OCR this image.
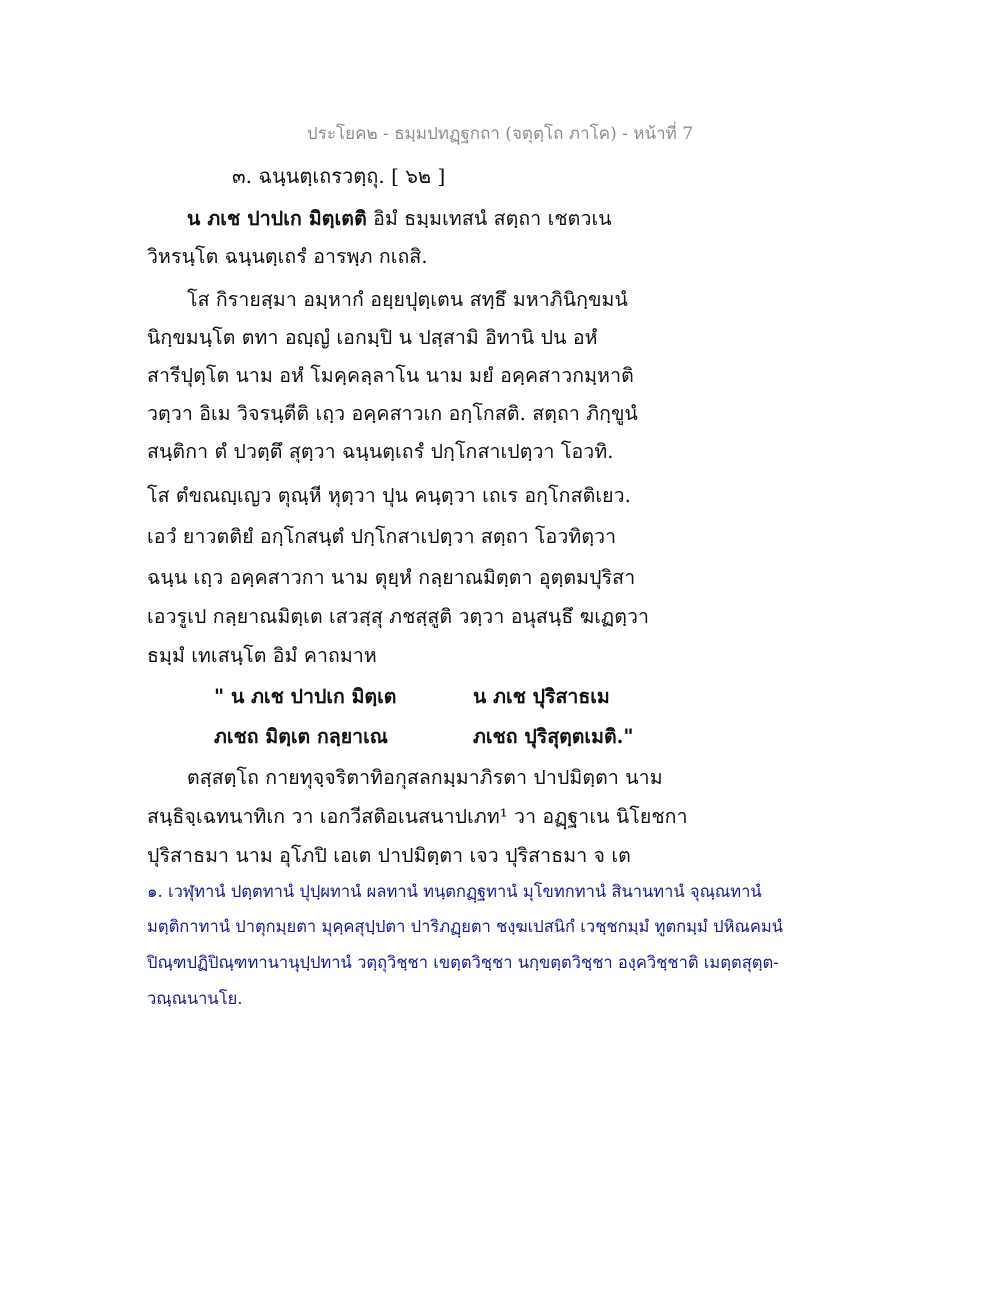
ประโยค๒ - ธมฺมปทฏฺฐกถา (จตุตฺโถ ภาโค) - หน้าที่ 7
๓. ฉนฺนตฺเถรวตฺถุ. [ ๖๒ ]
น ภเช ปาปเก มิตฺเตติ อิมํ ธมฺมเทสนํ สตฺถา เชตวเน
วิหรนฺโต ฉนฺนตฺเถรํ อารพฺภ กเถสิ.
โส กิรายสฺมา อมฺหากํ อยฺยปุตฺเตน สทฺธึ มหาภินิกฺขมนํ
นิกฺขมนฺโต ตทา อญฺญํ เอกมฺปิ น ปสฺสามิ อิทานิ ปน อหํ
สารีปุตฺโต นาม อหํ โมคฺคลฺลาโน นาม มยํ อคฺคสาวกมฺหาติ
วตฺวา อิเม วิจรนฺตีติ เถฺว อคฺคสาวเก อกฺโกสติ. สตฺถา ภิกฺขูนํ
สนฺติกา ตํ ปวตฺตึ สุตฺวา ฉนฺนตฺเถรํ ปกฺโกสาเปตฺวา โอวทิ.
โส ตํขณญฺเญว ตุณฺหี หุตฺวา ปุน คนฺตฺวา เถเร อกฺโกสติเยว.
เอวํ ยาวตติยํ อกฺโกสนฺตํ ปกฺโกสาเปตฺวา สตฺถา โอวทิตฺวา
ฉนฺน เถฺว อคฺคสาวกา นาม ตุยฺหํ กลฺยาณมิตฺตา อุตฺตมปุริสา
เอวรูเป กลฺยาณมิตฺเต เสวสฺสุ ภชสฺสูติ วตฺวา อนุสนฺธึ ฆเฏตฺวา
ธมฺมํ เทเสนฺโต อิมํ คาถมาห
" น ภเช ปาปเก มิตฺเต	น ภเช ปุริสาธเม
ภเชถ มิตฺเต กลฺยาเณ	ภเชถ ปุริสุตฺตเมติ."
ตสฺสตฺโถ กายทุจฺจริตาทิอกุสลกมฺมาภิรตา ปาปมิตฺตา นาม
สนฺธิจฺเฉทนาทิเก วา เอกวีสติอเนสนาปเภท¹ วา อฏฺฐาเน นิโยชกา
ปุริสาธมา นาม อุโภปิ เอเต ปาปมิตฺตา เจว ปุริสาธมา จ เต
๑. เวฬุทานํ ปตฺตทานํ ปุปฺผทานํ ผลทานํ ทนฺตกฏฺฐทานํ มุโขทกทานํ สินานทานํ จุณฺณทานํ
มตฺติกาทานํ ปาตุกมฺยตา มุคฺคสุปฺปตา ปาริภฏฺยตา ชงฺฆเปสนิกํ เวชฺชกมฺมํ ทูตกมฺมํ ปหิณคมนํ
ปิณฺฑปฏิปิณฺฑทานานุปฺปทานํ วตฺถุวิชฺชา เขตฺตวิชฺชา นกฺขตฺตวิชฺชา องฺควิชฺชาติ เมตฺตสุตฺต-
วณฺณนานโย.
